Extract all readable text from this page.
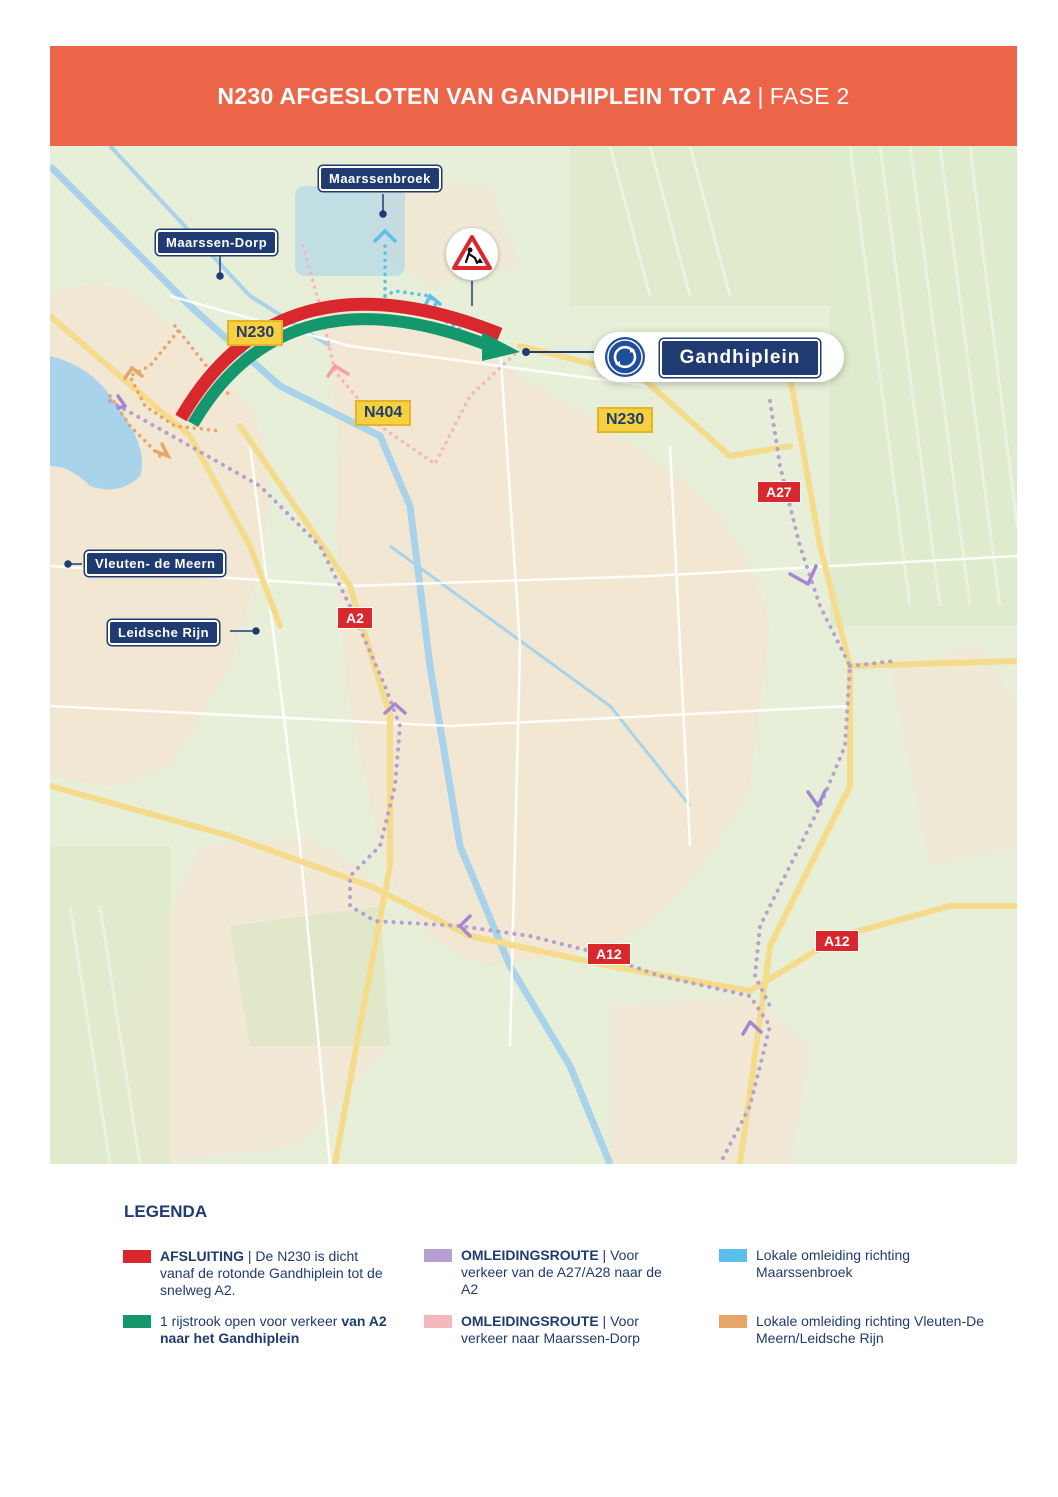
N230 AFGESLOTEN VAN GANDHIPLEIN TOT A2 | FASE 2
Maarssenbroek
Maarssen-Dorp
Vleuten- de Meern
Leidsche Rijn
N230
N230
N404
A27
A2
A12
A12
Gandhiplein
LEGENDA
AFSLUITING | De N230 is dicht vanaf de rotonde Gandhiplein tot de snelweg A2.
1 rijstrook open voor verkeer van A2 naar het Gandhiplein
OMLEIDINGSROUTE | Voor verkeer van de A27/A28 naar de A2
OMLEIDINGSROUTE | Voor verkeer naar Maarssen-Dorp
Lokale omleiding richting Maarssenbroek
Lokale omleiding richting Vleuten-De Meern/Leidsche Rijn
